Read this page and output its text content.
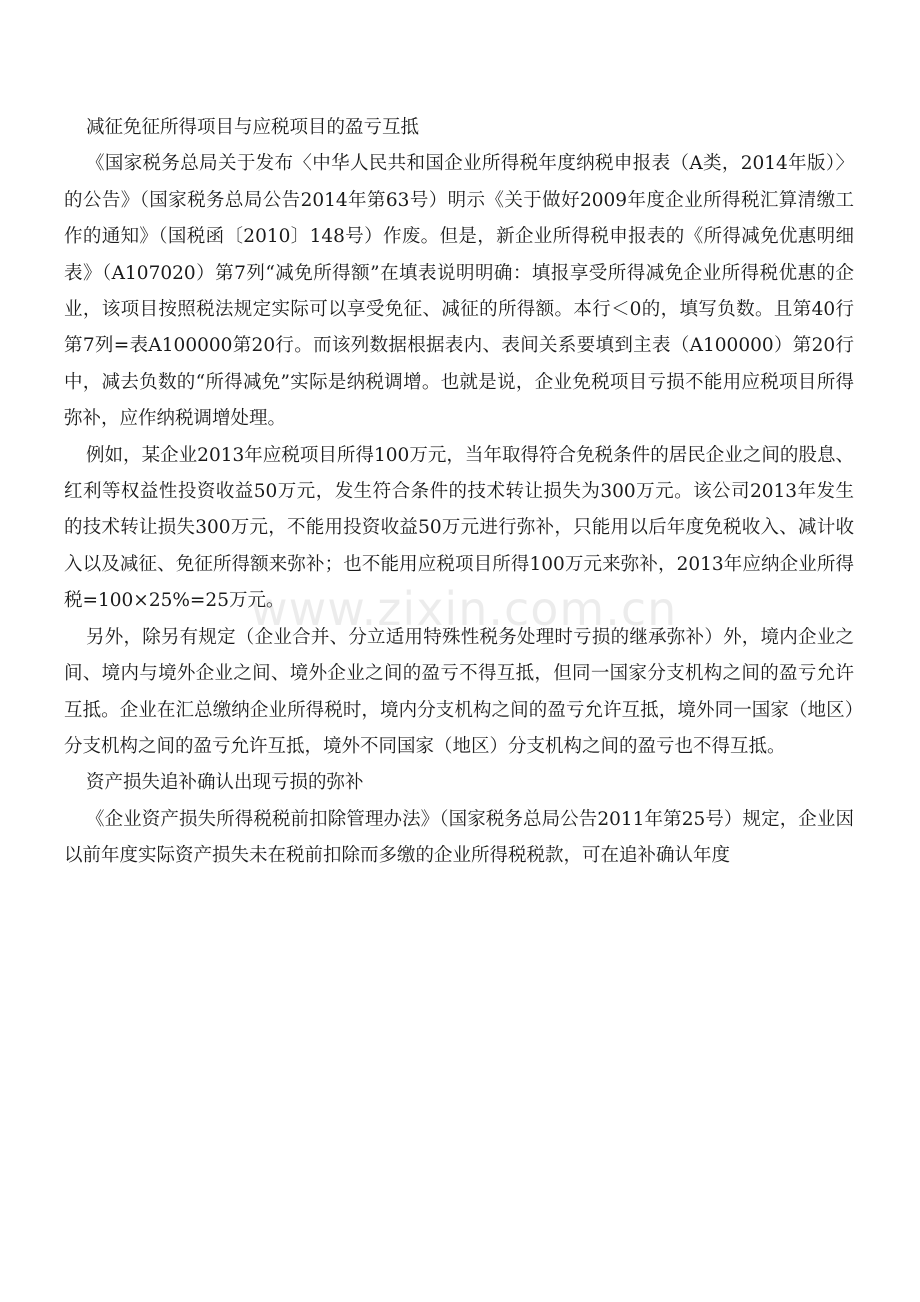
www.zixin.com.cn

减征免征所得项目与应税项目的盈亏互抵

《国家税务总局关于发布〈中华人民共和国企业所得税年度纳税申报表（A类，2014年版）〉的公告》（国家税务总局公告2014年第63号）明示《关于做好2009年度企业所得税汇算清缴工作的通知》（国税函〔2010〕148号）作废。但是，新企业所得税申报表的《所得减免优惠明细表》（A107020）第7列“减免所得额”在填表说明明确：填报享受所得减免企业所得税优惠的企业，该项目按照税法规定实际可以享受免征、减征的所得额。本行＜0的，填写负数。且第40行第7列=表A100000第20行。而该列数据根据表内、表间关系要填到主表（A100000）第20行中，减去负数的“所得减免”实际是纳税调增。也就是说，企业免税项目亏损不能用应税项目所得弥补，应作纳税调增处理。

例如，某企业2013年应税项目所得100万元，当年取得符合免税条件的居民企业之间的股息、红利等权益性投资收益50万元，发生符合条件的技术转让损失为300万元。该公司2013年发生的技术转让损失300万元，不能用投资收益50万元进行弥补，只能用以后年度免税收入、减计收入以及减征、免征所得额来弥补；也不能用应税项目所得100万元来弥补，2013年应纳企业所得税=100×25%=25万元。

另外，除另有规定（企业合并、分立适用特殊性税务处理时亏损的继承弥补）外，境内企业之间、境内与境外企业之间、境外企业之间的盈亏不得互抵，但同一国家分支机构之间的盈亏允许互抵。企业在汇总缴纳企业所得税时，境内分支机构之间的盈亏允许互抵，境外同一国家（地区）分支机构之间的盈亏允许互抵，境外不同国家（地区）分支机构之间的盈亏也不得互抵。

资产损失追补确认出现亏损的弥补

《企业资产损失所得税税前扣除管理办法》（国家税务总局公告2011年第25号）规定，企业因以前年度实际资产损失未在税前扣除而多缴的企业所得税税款，可在追补确认年度
